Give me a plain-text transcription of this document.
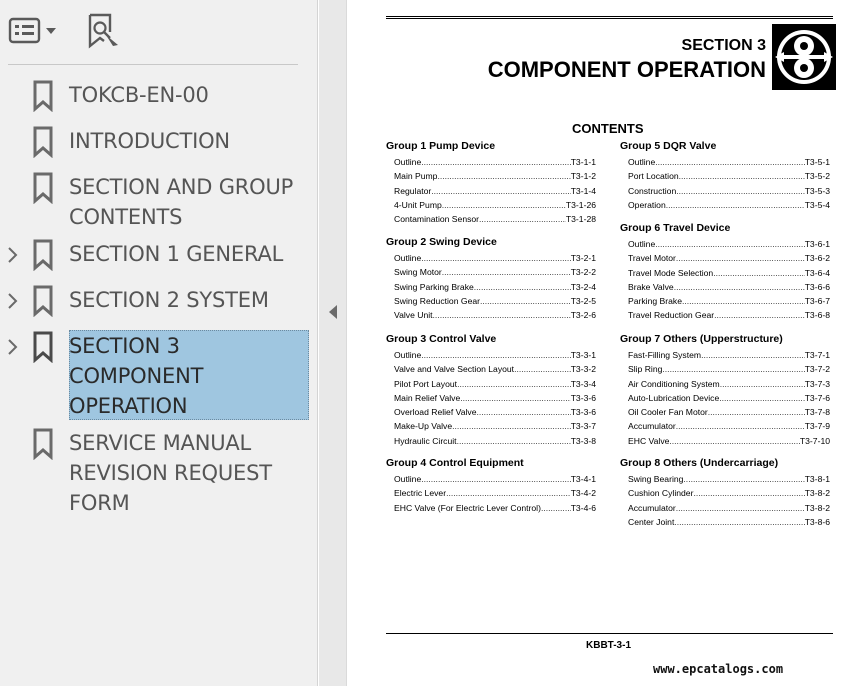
TOKCB-EN-00
INTRODUCTION
SECTION AND GROUP
CONTENTS
SECTION 1 GENERAL
SECTION 2 SYSTEM
SECTION 3
COMPONENT
OPERATION
SERVICE MANUAL
REVISION REQUEST
FORM
SECTION 3
COMPONENT OPERATION
CONTENTS
KBBT-3-1
www.epcatalogs.com
Group 1 Pump Device
Outline .....	T3-1-1
Main Pump .....	T3-1-2
Regulator .....	T3-1-4
4-Unit Pump .....	T3-1-26
Contamination Sensor .....	T3-1-28
Group 2 Swing Device
Outline .....	T3-2-1
Swing Motor .....	T3-2-2
Swing Parking Brake .....	T3-2-4
Swing Reduction Gear .....	T3-2-5
Valve Unit .....	T3-2-6
Group 3 Control Valve
Outline .....	T3-3-1
Valve and Valve Section Layout .....	T3-3-2
Pilot Port Layout .....	T3-3-4
Main Relief Valve .....	T3-3-6
Overload Relief Valve .....	T3-3-6
Make-Up Valve .....	T3-3-7
Hydraulic Circuit .....	T3-3-8
Group 4 Control Equipment
Outline .....	T3-4-1
Electric Lever .....	T3-4-2
EHC Valve (For Electric Lever Control) .....	T3-4-6
Group 5 DQR Valve
Outline .....	T3-5-1
Port Location .....	T3-5-2
Construction .....	T3-5-3
Operation .....	T3-5-4
Group 6 Travel Device
Outline .....	T3-6-1
Travel Motor .....	T3-6-2
Travel Mode Selection .....	T3-6-4
Brake Valve .....	T3-6-6
Parking Brake .....	T3-6-7
Travel Reduction Gear .....	T3-6-8
Group 7 Others (Upperstructure)
Fast-Filling System .....	T3-7-1
Slip Ring .....	T3-7-2
Air Conditioning System .....	T3-7-3
Auto-Lubrication Device .....	T3-7-6
Oil Cooler Fan Motor .....	T3-7-8
Accumulator .....	T3-7-9
EHC Valve .....	T3-7-10
Group 8 Others (Undercarriage)
Swing Bearing .....	T3-8-1
Cushion Cylinder .....	T3-8-2
Accumulator .....	T3-8-2
Center Joint .....	T3-8-6
